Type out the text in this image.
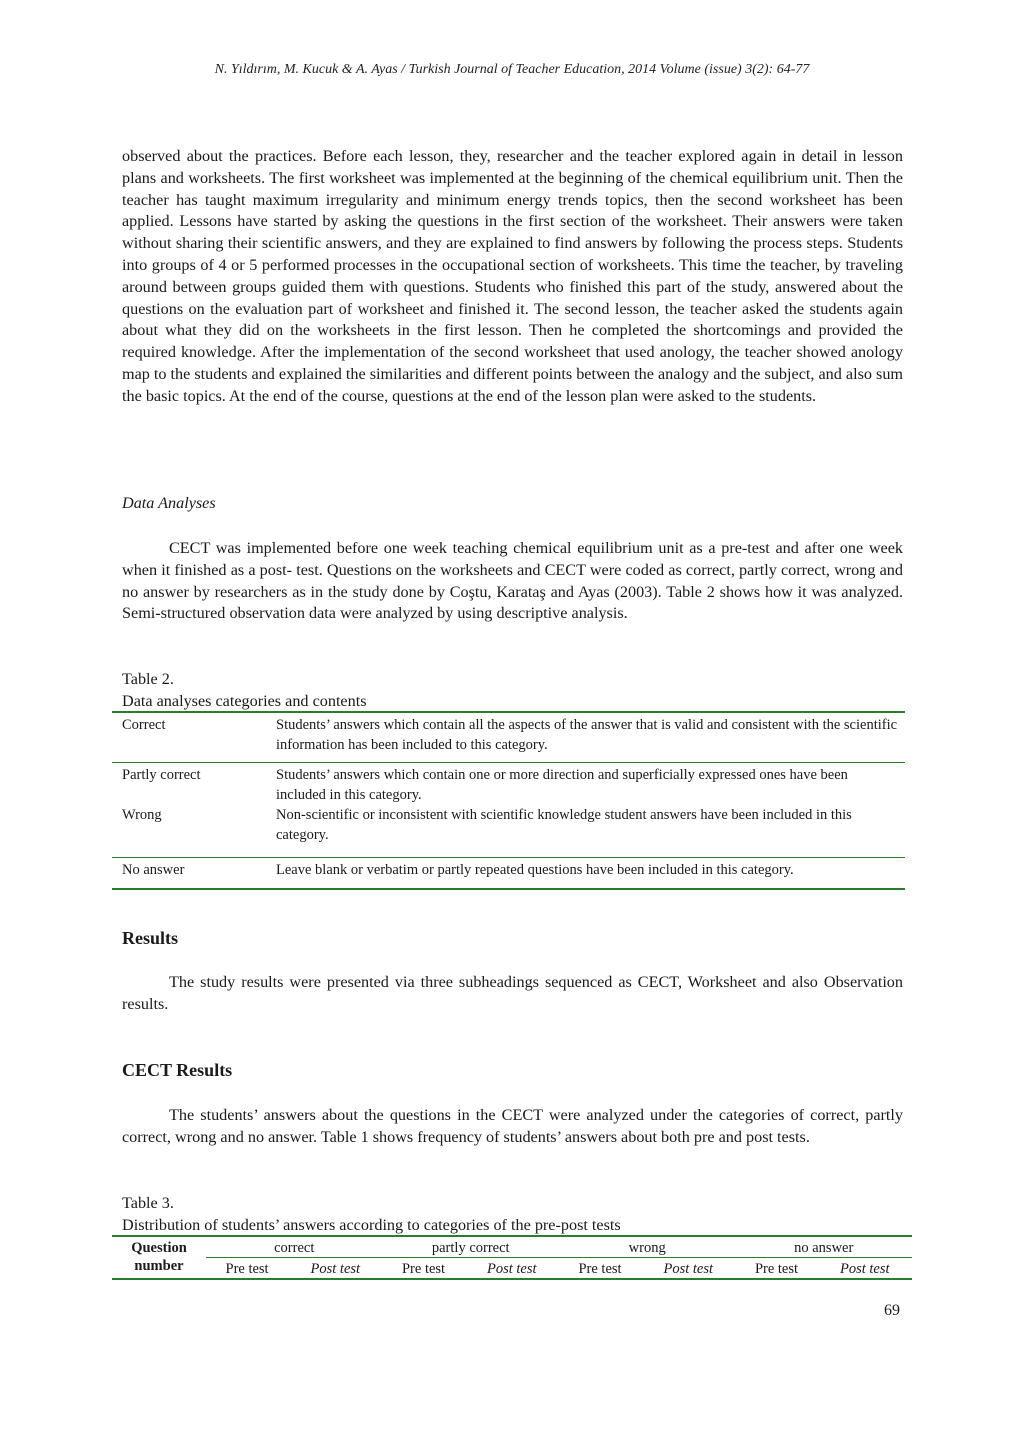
N. Yıldırım, M. Kucuk & A. Ayas / Turkish Journal of Teacher Education, 2014 Volume (issue) 3(2): 64-77

observed about the practices. Before each lesson, they, researcher and the teacher explored again in detail in lesson plans and worksheets. The first worksheet was implemented at the beginning of the chemical equilibrium unit. Then the teacher has taught maximum irregularity and minimum energy trends topics, then the second worksheet has been applied. Lessons have started by asking the questions in the first section of the worksheet. Their answers were taken without sharing their scientific answers, and they are explained to find answers by following the process steps. Students into groups of 4 or 5 performed processes in the occupational section of worksheets. This time the teacher, by traveling around between groups guided them with questions. Students who finished this part of the study, answered about the questions on the evaluation part of worksheet and finished it. The second lesson, the teacher asked the students again about what they did on the worksheets in the first lesson. Then he completed the shortcomings and provided the required knowledge. After the implementation of the second worksheet that used anology, the teacher showed anology map to the students and explained the similarities and different points between the analogy and the subject, and also sum the basic topics. At the end of the course, questions at the end of the lesson plan were asked to the students.

Data Analyses

CECT was implemented before one week teaching chemical equilibrium unit as a pre-test and after one week when it finished as a post- test. Questions on the worksheets and CECT were coded as correct, partly correct, wrong and no answer by researchers as in the study done by Coştu, Karataş and Ayas (2003). Table 2 shows how it was analyzed. Semi-structured observation data were analyzed by using descriptive analysis.

Table 2.

Data analyses categories and contents

Correct	Students’ answers which contain all the aspects of the answer that is valid and consistent with the scientific information has been included to this category.
Partly correct	Students’ answers which contain one or more direction and superficially expressed ones have been included in this category.
Wrong	Non-scientific or inconsistent with scientific knowledge student answers have been included in this category.
No answer	Leave blank or verbatim or partly repeated questions have been included in this category.

Results

The study results were presented via three subheadings sequenced as CECT, Worksheet and also Observation results.

CECT Results

The students’ answers about the questions in the CECT were analyzed under the categories of correct, partly correct, wrong and no answer. Table 1 shows frequency of students’ answers about both pre and post tests.

Table 3.

Distribution of students’ answers according to categories of the pre-post tests

Question	correct		partly correct		wrong		no answer	
number	Pre test	Post test	Pre test	Post test	Pre test	Post test	Pre test	Post test
69
